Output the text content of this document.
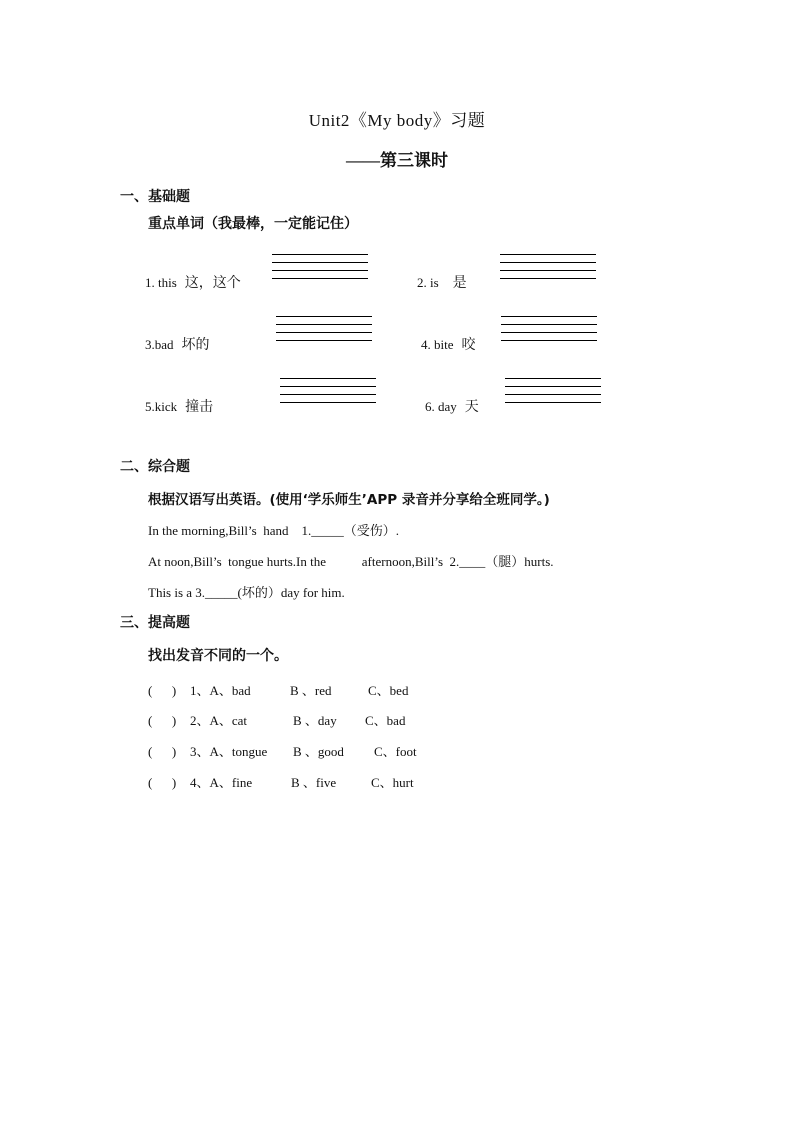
Unit2《My body》习题
——第三课时
一、基础题
重点单词（我最棒，一定能记住）
1. this 这，这个	2. is 是
3.bad 坏的	4. bite 咬
5.kick 撞击	6. day 天
二、综合题
根据汉语写出英语。(使用‘学乐师生’APP 录音并分享给全班同学。)
In the morning,Bill’s  hand    1._____（受伤）.
At noon,Bill’s  tongue hurts.In the           afternoon,Bill’s  2.____（腿）hurts.
This is a 3._____(坏的）day for him.
三、提高题
找出发音不同的一个。
(      ) 1、A、bad	B 、red	C、bed
(      ) 2、A、cat	B 、day C、bad
(      ) 3、A、tongue B 、good C、foot
(      ) 4、A、fine	B 、five	C、hurt
